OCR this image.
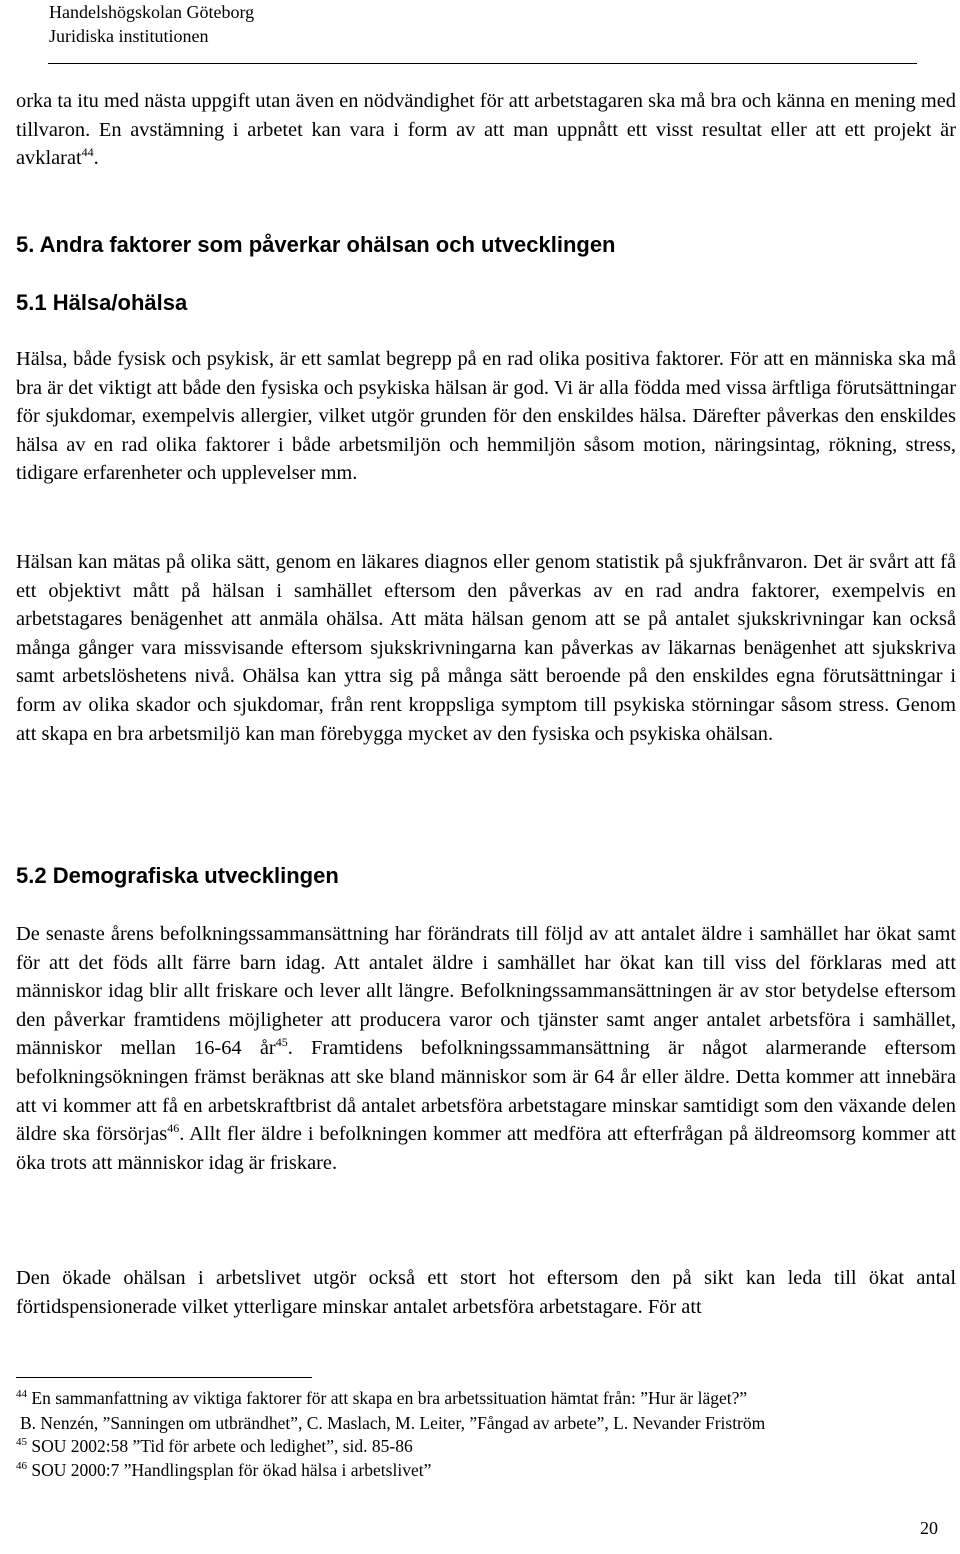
Handelshögskolan Göteborg
Juridiska institutionen

orka ta itu med nästa uppgift utan även en nödvändighet för att arbetstagaren ska må bra och känna en mening med tillvaron. En avstämning i arbetet kan vara i form av att man uppnått ett visst resultat eller att ett projekt är avklarat$^{44}$.

5. Andra faktorer som påverkar ohälsan och utvecklingen
5.1 Hälsa/ohälsa

Hälsa, både fysisk och psykisk, är ett samlat begrepp på en rad olika positiva faktorer. För att en människa ska må bra är det viktigt att både den fysiska och psykiska hälsan är god. Vi är alla födda med vissa ärftliga förutsättningar för sjukdomar, exempelvis allergier, vilket utgör grunden för den enskildes hälsa. Därefter påverkas den enskildes hälsa av en rad olika faktorer i både arbetsmiljön och hemmiljön såsom motion, näringsintag, rökning, stress, tidigare erfarenheter och upplevelser mm.

Hälsan kan mätas på olika sätt, genom en läkares diagnos eller genom statistik på sjukfrånvaron. Det är svårt att få ett objektivt mått på hälsan i samhället eftersom den påverkas av en rad andra faktorer, exempelvis en arbetstagares benägenhet att anmäla ohälsa. Att mäta hälsan genom att se på antalet sjukskrivningar kan också många gånger vara missvisande eftersom sjukskrivningarna kan påverkas av läkarnas benägenhet att sjukskriva samt arbetslöshetens nivå. Ohälsa kan yttra sig på många sätt beroende på den enskildes egna förutsättningar i form av olika skador och sjukdomar, från rent kroppsliga symptom till psykiska störningar såsom stress. Genom att skapa en bra arbetsmiljö kan man förebygga mycket av den fysiska och psykiska ohälsan.

5.2 Demografiska utvecklingen

De senaste årens befolkningssammansättning har förändrats till följd av att antalet äldre i samhället har ökat samt för att det föds allt färre barn idag. Att antalet äldre i samhället har ökat kan till viss del förklaras med att människor idag blir allt friskare och lever allt längre. Befolkningssammansättningen är av stor betydelse eftersom den påverkar framtidens möjligheter att producera varor och tjänster samt anger antalet arbetsföra i samhället, människor mellan 16-64 $år^{45}$. Framtidens befolkningssammansättning är något alarmerande eftersom befolkningsökningen främst beräknas att ske bland människor som är 64 år eller äldre. Detta kommer att innebära att vi kommer att få en arbetskraftbrist då antalet arbetsföra arbetstagare minskar samtidigt som den växande delen äldre ska försörjas$^{46}$. Allt fler äldre i befolkningen kommer att medföra att efterfrågan på äldreomsorg kommer att öka trots att människor idag är friskare.

Den ökade ohälsan i arbetslivet utgör också ett stort hot eftersom den på sikt kan leda till ökat antal förtidspensionerade vilket ytterligare minskar antalet arbetsföra arbetstagare. För att

$^{44}$ En sammanfattning av viktiga faktorer för att skapa en bra arbetssituation hämtat från: ”Hur är läget?”

B. Nenzén, ”Sanningen om utbrändhet”, C. Maslach, M. Leiter, ”Fångad av arbete”, L. Nevander Friström

$^{45}$ SOU 2002:58 ”Tid för arbete och ledighet”, sid. 85-86

$^{46}$ SOU 2000:7 ”Handlingsplan för ökad hälsa i arbetslivet”

20
